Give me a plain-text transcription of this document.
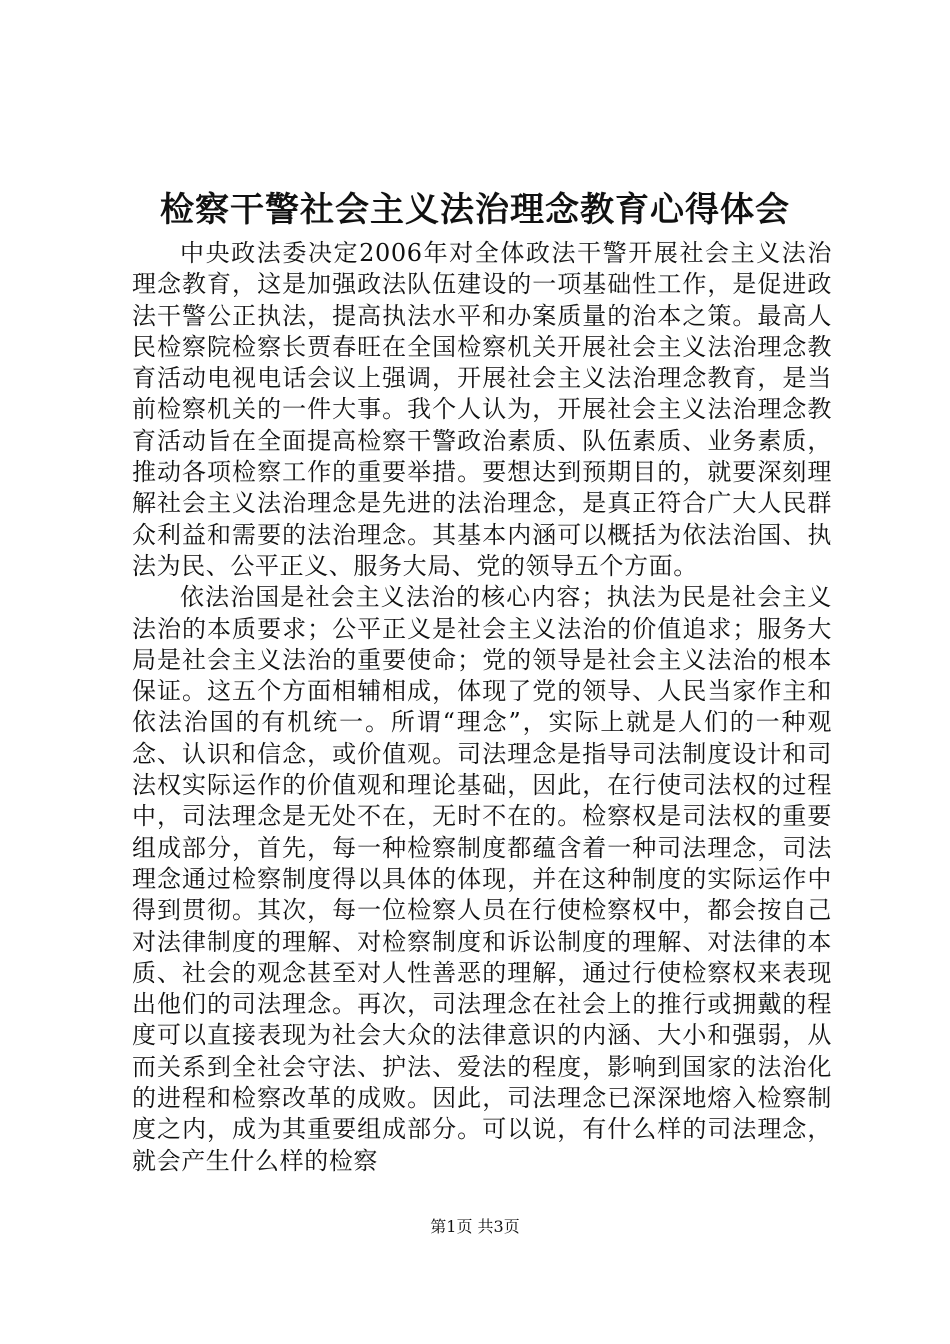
检察干警社会主义法治理念教育心得体会

中央政法委决定2006年对全体政法干警开展社会主义法治理念教育，这是加强政法队伍建设的一项基础性工作，是促进政法干警公正执法，提高执法水平和办案质量的治本之策。最高人民检察院检察长贾春旺在全国检察机关开展社会主义法治理念教育活动电视电话会议上强调，开展社会主义法治理念教育，是当前检察机关的一件大事。我个人认为，开展社会主义法治理念教育活动旨在全面提高检察干警政治素质、队伍素质、业务素质，推动各项检察工作的重要举措。要想达到预期目的，就要深刻理解社会主义法治理念是先进的法治理念，是真正符合广大人民群众利益和需要的法治理念。其基本内涵可以概括为依法治国、执法为民、公平正义、服务大局、党的领导五个方面。

依法治国是社会主义法治的核心内容；执法为民是社会主义法治的本质要求；公平正义是社会主义法治的价值追求；服务大局是社会主义法治的重要使命；党的领导是社会主义法治的根本保证。这五个方面相辅相成，体现了党的领导、人民当家作主和依法治国的有机统一。所谓“理念”，实际上就是人们的一种观念、认识和信念，或价值观。司法理念是指导司法制度设计和司法权实际运作的价值观和理论基础，因此，在行使司法权的过程中，司法理念是无处不在，无时不在的。检察权是司法权的重要组成部分，首先，每一种检察制度都蕴含着一种司法理念，司法理念通过检察制度得以具体的体现，并在这种制度的实际运作中得到贯彻。其次，每一位检察人员在行使检察权中，都会按自己对法律制度的理解、对检察制度和诉讼制度的理解、对法律的本质、社会的观念甚至对人性善恶的理解，通过行使检察权来表现出他们的司法理念。再次，司法理念在社会上的推行或拥戴的程度可以直接表现为社会大众的法律意识的内涵、大小和强弱，从而关系到全社会守法、护法、爱法的程度，影响到国家的法治化的进程和检察改革的成败。因此，司法理念已深深地熔入检察制度之内，成为其重要组成部分。可以说，有什么样的司法理念，就会产生什么样的检察

第1页 共3页
